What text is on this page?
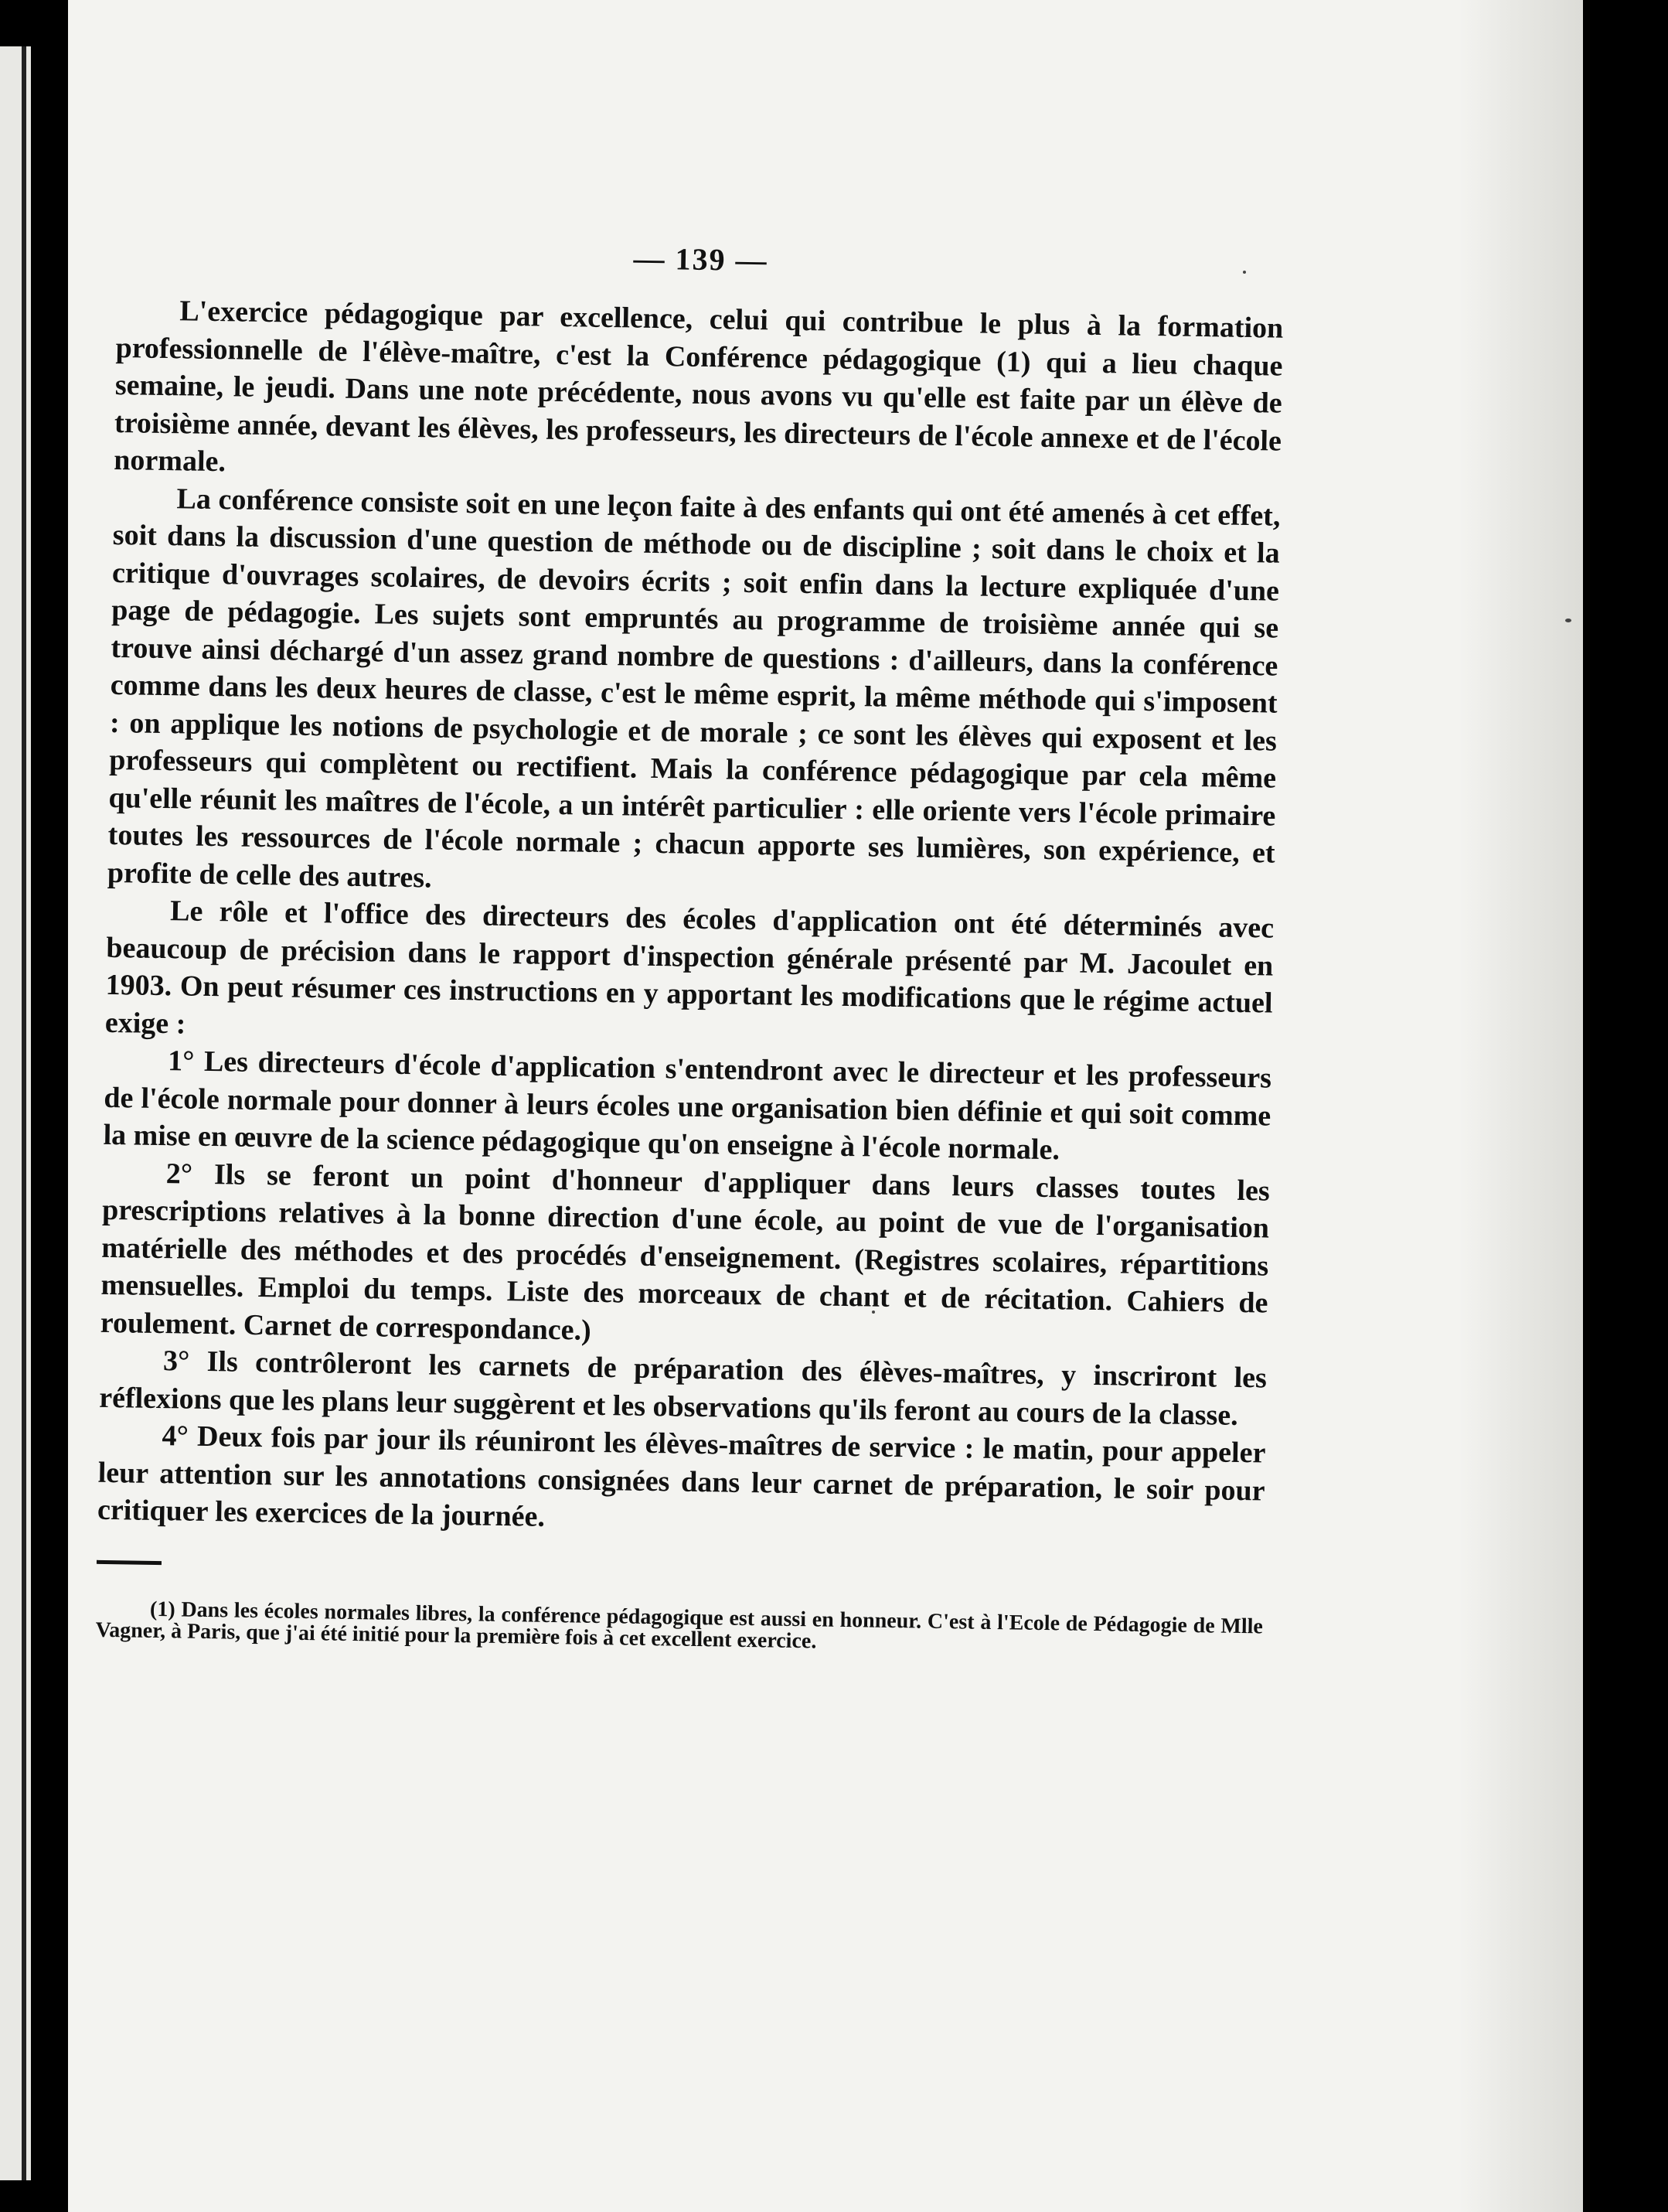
— 139 —

L'exercice pédagogique par excellence, celui qui contribue le plus à la formation professionnelle de l'élève-maître, c'est la Conférence pédagogique (1) qui a lieu chaque semaine, le jeudi. Dans une note précédente, nous avons vu qu'elle est faite par un élève de troisième année, devant les élèves, les professeurs, les directeurs de l'école annexe et de l'école normale.

La conférence consiste soit en une leçon faite à des enfants qui ont été amenés à cet effet, soit dans la discussion d'une question de méthode ou de discipline ; soit dans le choix et la critique d'ouvrages scolaires, de devoirs écrits ; soit enfin dans la lecture expliquée d'une page de pédagogie. Les sujets sont empruntés au programme de troisième année qui se trouve ainsi déchargé d'un assez grand nombre de questions : d'ailleurs, dans la conférence comme dans les deux heures de classe, c'est le même esprit, la même méthode qui s'imposent : on applique les notions de psychologie et de morale ; ce sont les élèves qui exposent et les professeurs qui complètent ou rectifient. Mais la conférence pédagogique par cela même qu'elle réunit les maîtres de l'école, a un intérêt particulier : elle oriente vers l'école primaire toutes les ressources de l'école normale ; chacun apporte ses lumières, son expérience, et profite de celle des autres.

Le rôle et l'office des directeurs des écoles d'application ont été déterminés avec beaucoup de précision dans le rapport d'inspection générale présenté par M. Jacoulet en 1903. On peut résumer ces instructions en y apportant les modifications que le régime actuel exige :

1° Les directeurs d'école d'application s'entendront avec le directeur et les professeurs de l'école normale pour donner à leurs écoles une organisation bien définie et qui soit comme la mise en œuvre de la science pédagogique qu'on enseigne à l'école normale.

2° Ils se feront un point d'honneur d'appliquer dans leurs classes toutes les prescriptions relatives à la bonne direction d'une école, au point de vue de l'organisation matérielle des méthodes et des procédés d'enseignement. (Registres scolaires, répartitions mensuelles. Emploi du temps. Liste des morceaux de chant et de récitation. Cahiers de roulement. Carnet de correspondance.)

3° Ils contrôleront les carnets de préparation des élèves-maîtres, y inscriront les réflexions que les plans leur suggèrent et les observations qu'ils feront au cours de la classe.

4° Deux fois par jour ils réuniront les élèves-maîtres de service : le matin, pour appeler leur attention sur les annotations consignées dans leur carnet de préparation, le soir pour critiquer les exercices de la journée.

(1) Dans les écoles normales libres, la conférence pédagogique est aussi en honneur. C'est à l'Ecole de Pédagogie de Mlle Vagner, à Paris, que j'ai été initié pour la première fois à cet excellent exercice.
